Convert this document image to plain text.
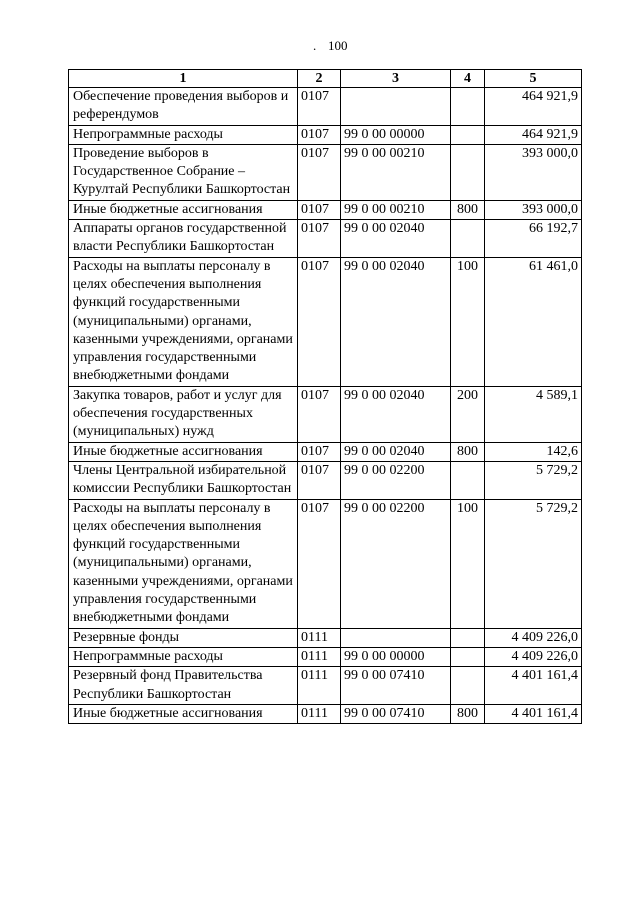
. 100
1	2	3	4	5
Обеспечение проведения выборов и референдумов	0107			464 921,9
Непрограммные расходы	0107	99 0 00 00000		464 921,9
Проведение выборов в Государственное Собрание – Курултай Республики Башкортостан	0107	99 0 00 00210		393 000,0
Иные бюджетные ассигнования	0107	99 0 00 00210	800	393 000,0
Аппараты органов государственной власти Республики Башкортостан	0107	99 0 00 02040		66 192,7
Расходы на выплаты персоналу в целях обеспечения выполнения функций государственными (муниципальными) органами, казенными учреждениями, органами управления государственными внебюджетными фондами	0107	99 0 00 02040	100	61 461,0
Закупка товаров, работ и услуг для обеспечения государственных (муниципальных) нужд	0107	99 0 00 02040	200	4 589,1
Иные бюджетные ассигнования	0107	99 0 00 02040	800	142,6
Члены Центральной избирательной комиссии Республики Башкортостан	0107	99 0 00 02200		5 729,2
Расходы на выплаты персоналу в целях обеспечения выполнения функций государственными (муниципальными) органами, казенными учреждениями, органами управления государственными внебюджетными фондами	0107	99 0 00 02200	100	5 729,2
Резервные фонды	0111			4 409 226,0
Непрограммные расходы	0111	99 0 00 00000		4 409 226,0
Резервный фонд Правительства Республики Башкортостан	0111	99 0 00 07410		4 401 161,4
Иные бюджетные ассигнования	0111	99 0 00 07410	800	4 401 161,4
